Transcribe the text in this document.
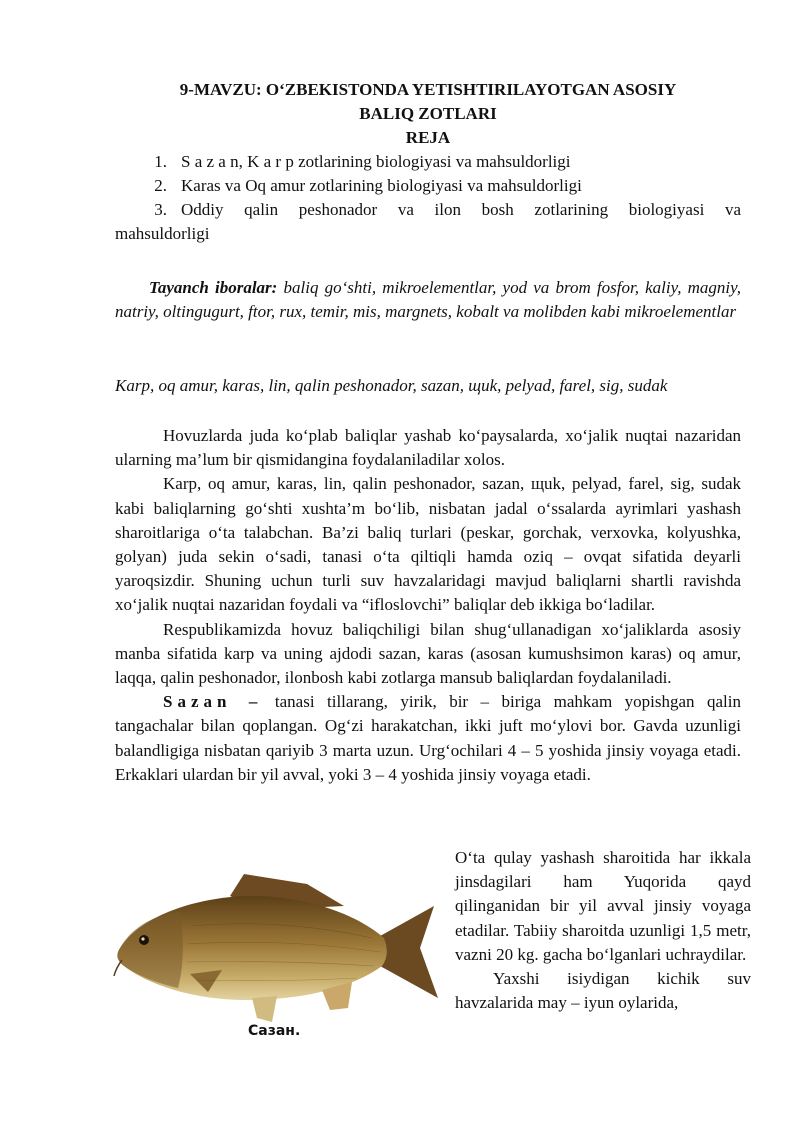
9-MAVZU: O‘ZBEKISTONDA YETISHTIRILAYOTGAN ASOSIY
BALIQ ZOTLARI
REJA
1. S a z a n, K a r p zotlarining biologiyasi va mahsuldorligi
2. Karas va Oq amur zotlarining biologiyasi va mahsuldorligi
3. Oddiy qalin peshonador va ilon bosh zotlarining biologiyasi va
mahsuldorligi
Tayanch iboralar: baliq go‘shti, mikroelementlar, yod va brom fosfor, kaliy, magniy, natriy, oltingugurt, ftor, rux, temir, mis, margnets, kobalt va molibden kabi mikroelementlar
Karp, oq amur, karas, lin, qalin peshonador, sazan, щuk, pelyad, farel, sig, sudak

Hovuzlarda juda ko‘plab baliqlar yashab ko‘paysalarda, xo‘jalik nuqtai nazaridan ularning ma’lum bir qismidangina foydalaniladilar xolos.

Karp, oq amur, karas, lin, qalin peshonador, sazan, щuk, pelyad, farel, sig, sudak kabi baliqlarning go‘shti xushta’m bo‘lib, nisbatan jadal o‘ssalarda ayrimlari yashash sharoitlariga o‘ta talabchan. Ba’zi baliq turlari (peskar, gorchak, verxovka, kolyushka, golyan) juda sekin o‘sadi, tanasi o‘ta qiltiqli hamda oziq – ovqat sifatida deyarli yaroqsizdir. Shuning uchun turli suv havzalaridagi mavjud baliqlarni shartli ravishda xo‘jalik nuqtai nazaridan foydali va “ifloslovchi” baliqlar deb ikkiga bo‘ladilar.

Respublikamizda hovuz baliqchiligi bilan shug‘ullanadigan xo‘jaliklarda asosiy manba sifatida karp va uning ajdodi sazan, karas (asosan kumushsimon karas) oq amur, laqqa, qalin peshonador, ilonbosh kabi zotlarga mansub baliqlardan foydalaniladi.

Sazan – tanasi tillarang, yirik, bir – biriga mahkam yopishgan qalin tangachalar bilan qoplangan. Og‘zi harakatchan, ikki juft mo‘ylovi bor. Gavda uzunligi balandligiga nisbatan qariyib 3 marta uzun. Urg‘ochilari 4 – 5 yoshida jinsiy voyaga etadi. Erkaklari ulardan bir yil avval, yoki 3 – 4 yoshida jinsiy voyaga etadi.

O‘ta qulay yashash sharoitida har ikkala jinsdagilari ham Yuqorida qayd qilinganidan bir yil avval jinsiy voyaga etadilar. Tabiiy sharoitda uzunligi 1,5 metr, vazni 20 kg. gacha bo‘lganlari uchraydilar.

Yaxshi isiydigan kichik suv havzalarida may – iyun oylarida,

Сазан.
